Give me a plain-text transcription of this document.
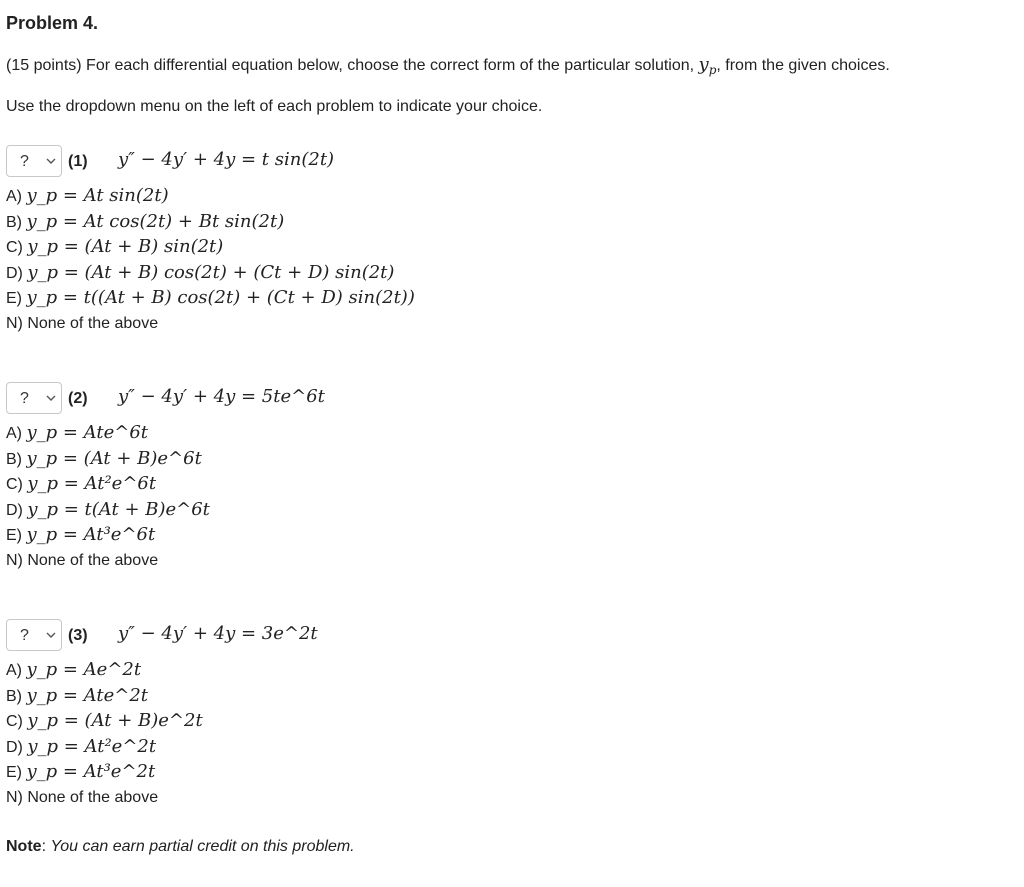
Problem 4.
(15 points) For each differential equation below, choose the correct form of the particular solution, $y_p$, from the given choices.
Use the dropdown menu on the left of each problem to indicate your choice.
? (1) y″ − 4y′ + 4y = t sin(2t)
A) y_p = At sin(2t)
B) y_p = At cos(2t) + Bt sin(2t)
C) y_p = (At + B) sin(2t)
D) y_p = (At + B) cos(2t) + (Ct + D) sin(2t)
E) y_p = t((At + B) cos(2t) + (Ct + D) sin(2t))
N) None of the above
? (2) y″ − 4y′ + 4y = 5te^6t
A) y_p = Ate^6t
B) y_p = (At + B)e^6t
C) y_p = At²e^6t
D) y_p = t(At + B)e^6t
E) y_p = At³e^6t
N) None of the above
? (3) y″ − 4y′ + 4y = 3e^2t
A) y_p = Ae^2t
B) y_p = Ate^2t
C) y_p = (At + B)e^2t
D) y_p = At²e^2t
E) y_p = At³e^2t
N) None of the above
Note: You can earn partial credit on this problem.
